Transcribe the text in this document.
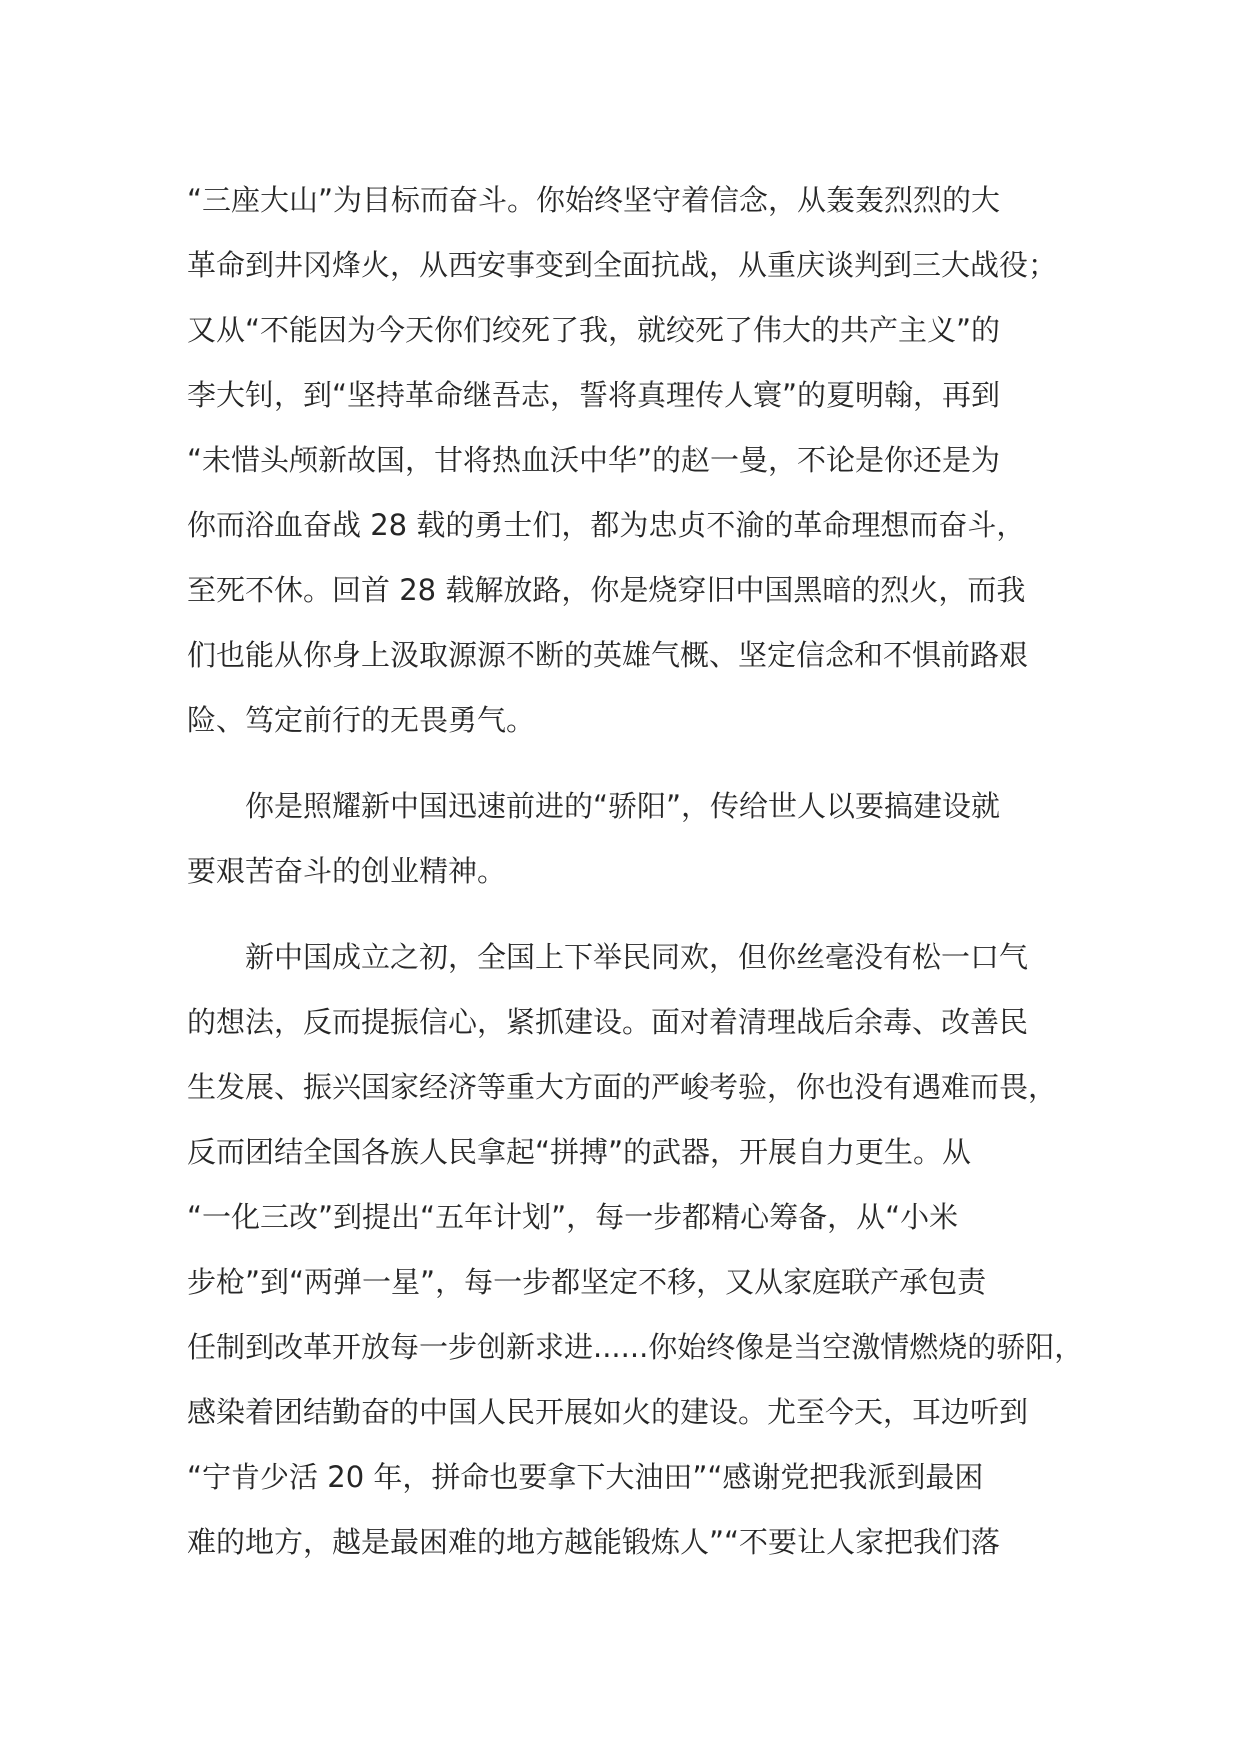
“三座大山”为目标而奋斗。你始终坚守着信念，从轰轰烈烈的大
革命到井冈烽火，从西安事变到全面抗战，从重庆谈判到三大战役；
又从“不能因为今天你们绞死了我，就绞死了伟大的共产主义”的
李大钊，到“坚持革命继吾志，誓将真理传人寰”的夏明翰，再到
“未惜头颅新故国，甘将热血沃中华”的赵一曼，不论是你还是为
你而浴血奋战 28 载的勇士们，都为忠贞不渝的革命理想而奋斗，
至死不休。回首 28 载解放路，你是烧穿旧中国黑暗的烈火，而我
们也能从你身上汲取源源不断的英雄气概、坚定信念和不惧前路艰
险、笃定前行的无畏勇气。
　　你是照耀新中国迅速前进的“骄阳”，传给世人以要搞建设就
要艰苦奋斗的创业精神。
　　新中国成立之初，全国上下举民同欢，但你丝毫没有松一口气
的想法，反而提振信心，紧抓建设。面对着清理战后余毒、改善民
生发展、振兴国家经济等重大方面的严峻考验，你也没有遇难而畏，
反而团结全国各族人民拿起“拼搏”的武器，开展自力更生。从
“一化三改”到提出“五年计划”，每一步都精心筹备，从“小米
步枪”到“两弹一星”，每一步都坚定不移，又从家庭联产承包责
任制到改革开放每一步创新求进......你始终像是当空激情燃烧的骄阳，
感染着团结勤奋的中国人民开展如火的建设。尤至今天，耳边听到
“宁肯少活 20 年，拼命也要拿下大油田”“感谢党把我派到最困
难的地方，越是最困难的地方越能锻炼人”“不要让人家把我们落
